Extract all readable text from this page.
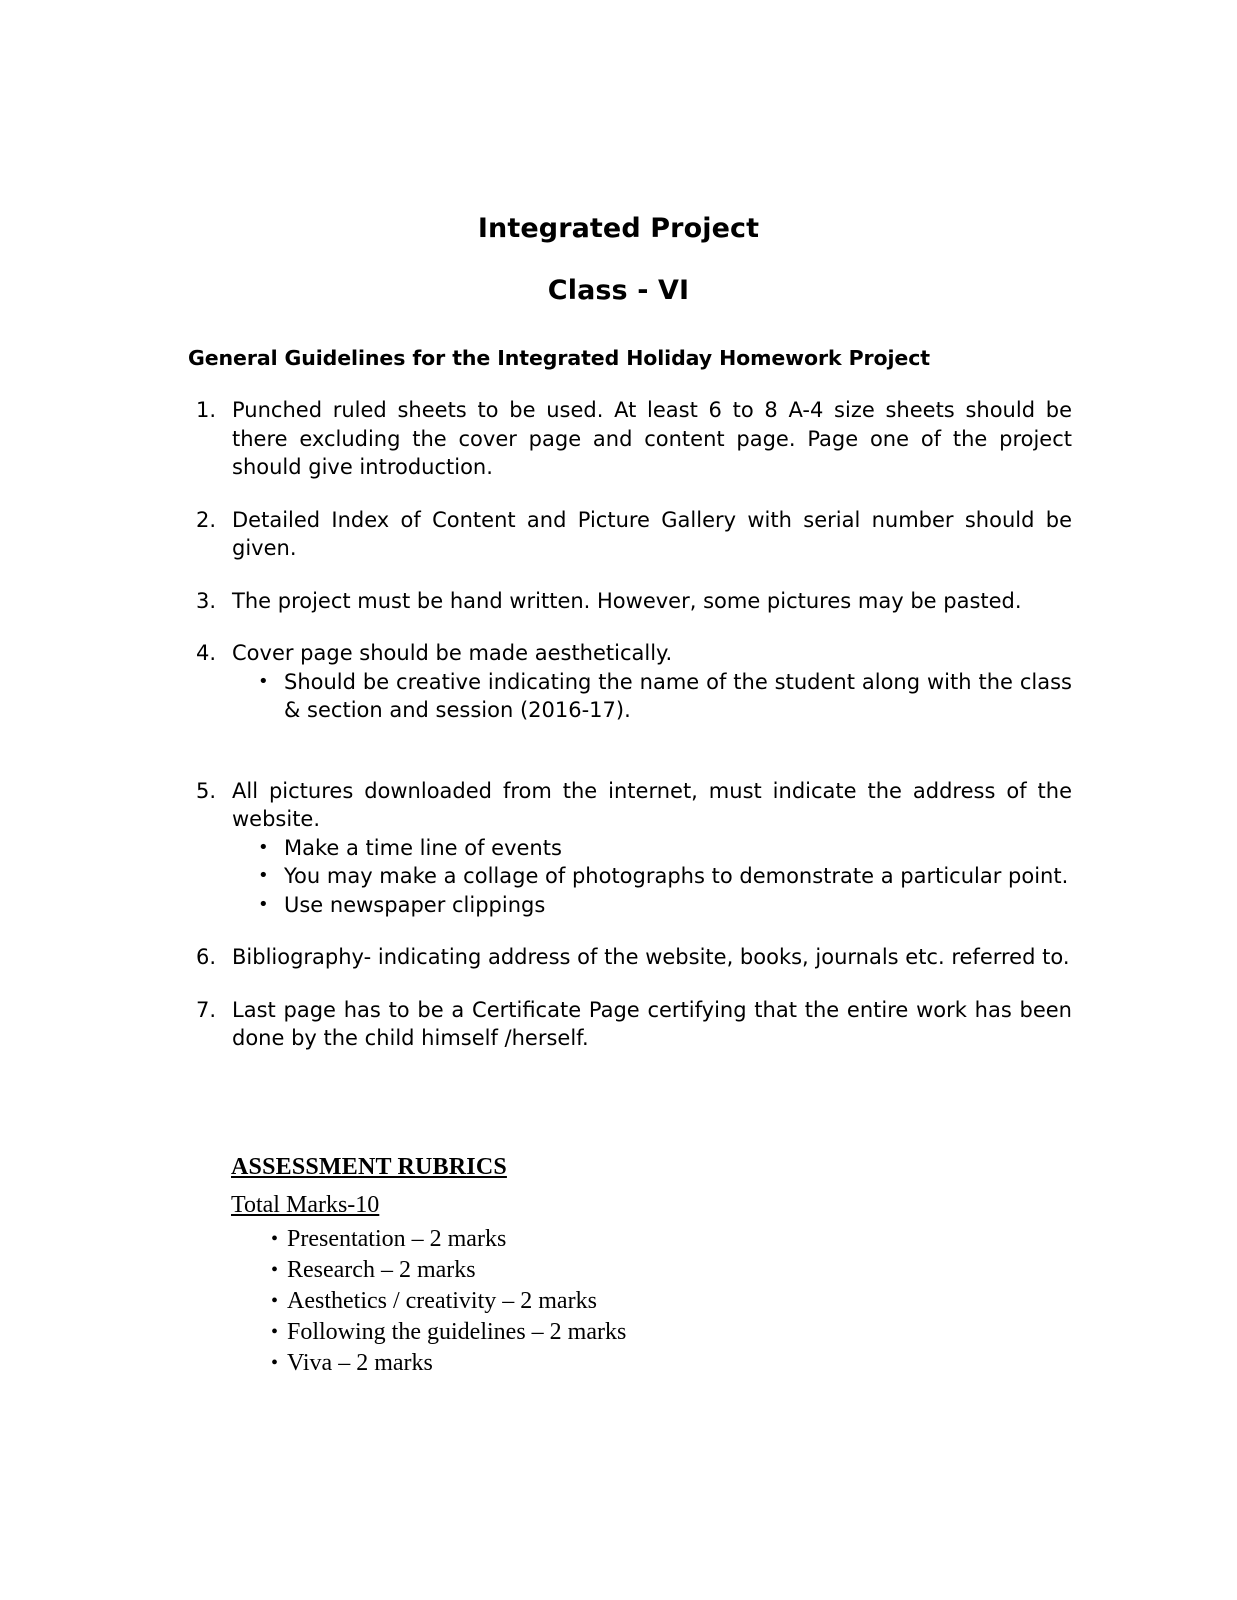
Integrated Project
Class - VI
General Guidelines for the Integrated Holiday Homework Project
1. Punched ruled sheets to be used. At least 6 to 8 A-4 size sheets should be there excluding the cover page and content page. Page one of the project should give introduction.
2. Detailed Index of Content and Picture Gallery with serial number should be given.
3. The project must be hand written. However, some pictures may be pasted.
4. Cover page should be made aesthetically.
• Should be creative indicating the name of the student along with the class & section and session (2016-17).
5. All pictures downloaded from the internet, must indicate the address of the website.
• Make a time line of events
• You may make a collage of photographs to demonstrate a particular point.
• Use newspaper clippings
6. Bibliography- indicating address of the website, books, journals etc. referred to.
7. Last page has to be a Certificate Page certifying that the entire work has been done by the child himself /herself.
ASSESSMENT RUBRICS
Total Marks-10
• Presentation – 2 marks
• Research – 2 marks
• Aesthetics / creativity – 2 marks
• Following the guidelines – 2 marks
• Viva – 2 marks
